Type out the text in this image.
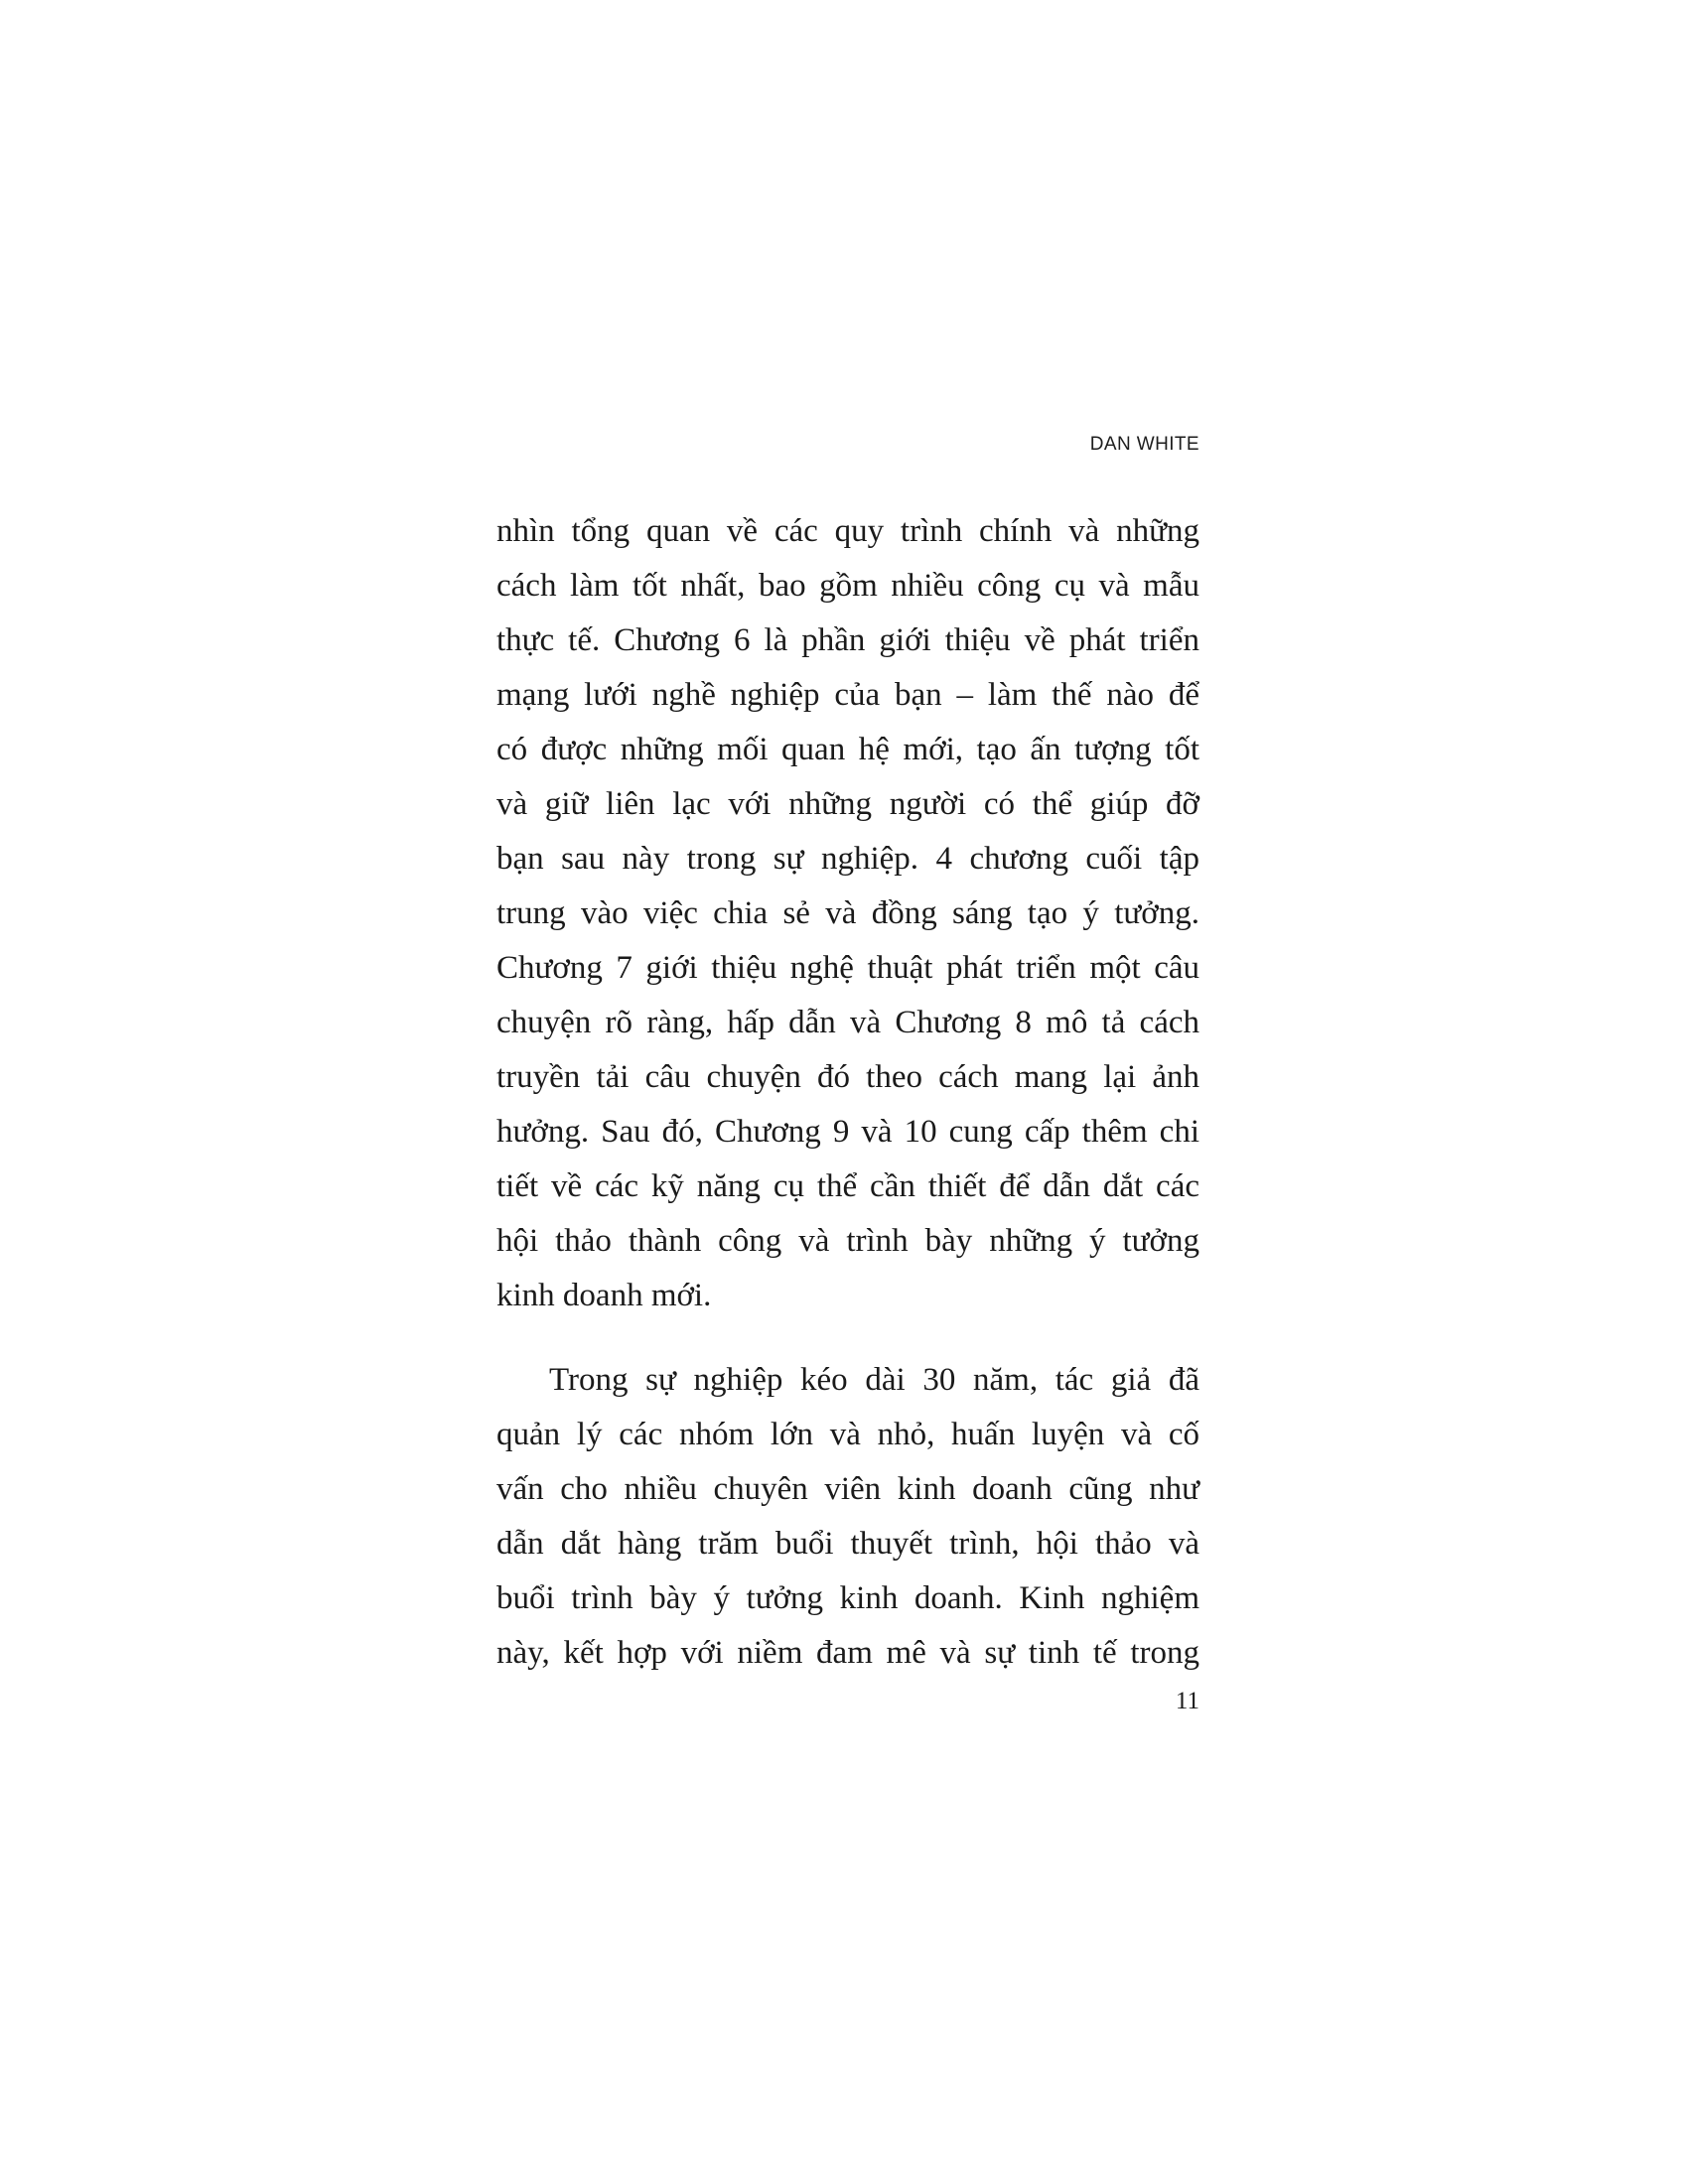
DAN WHITE
nhìn tổng quan về các quy trình chính và những
cách làm tốt nhất, bao gồm nhiều công cụ và mẫu
thực tế. Chương 6 là phần giới thiệu về phát triển
mạng lưới nghề nghiệp của bạn – làm thế nào để
có được những mối quan hệ mới, tạo ấn tượng tốt
và giữ liên lạc với những người có thể giúp đỡ
bạn sau này trong sự nghiệp. 4 chương cuối tập
trung vào việc chia sẻ và đồng sáng tạo ý tưởng.
Chương 7 giới thiệu nghệ thuật phát triển một câu
chuyện rõ ràng, hấp dẫn và Chương 8 mô tả cách
truyền tải câu chuyện đó theo cách mang lại ảnh
hưởng. Sau đó, Chương 9 và 10 cung cấp thêm chi
tiết về các kỹ năng cụ thể cần thiết để dẫn dắt các
hội thảo thành công và trình bày những ý tưởng
kinh doanh mới.
Trong sự nghiệp kéo dài 30 năm, tác giả đã
quản lý các nhóm lớn và nhỏ, huấn luyện và cố
vấn cho nhiều chuyên viên kinh doanh cũng như
dẫn dắt hàng trăm buổi thuyết trình, hội thảo và
buổi trình bày ý tưởng kinh doanh. Kinh nghiệm
này, kết hợp với niềm đam mê và sự tinh tế trong
11
